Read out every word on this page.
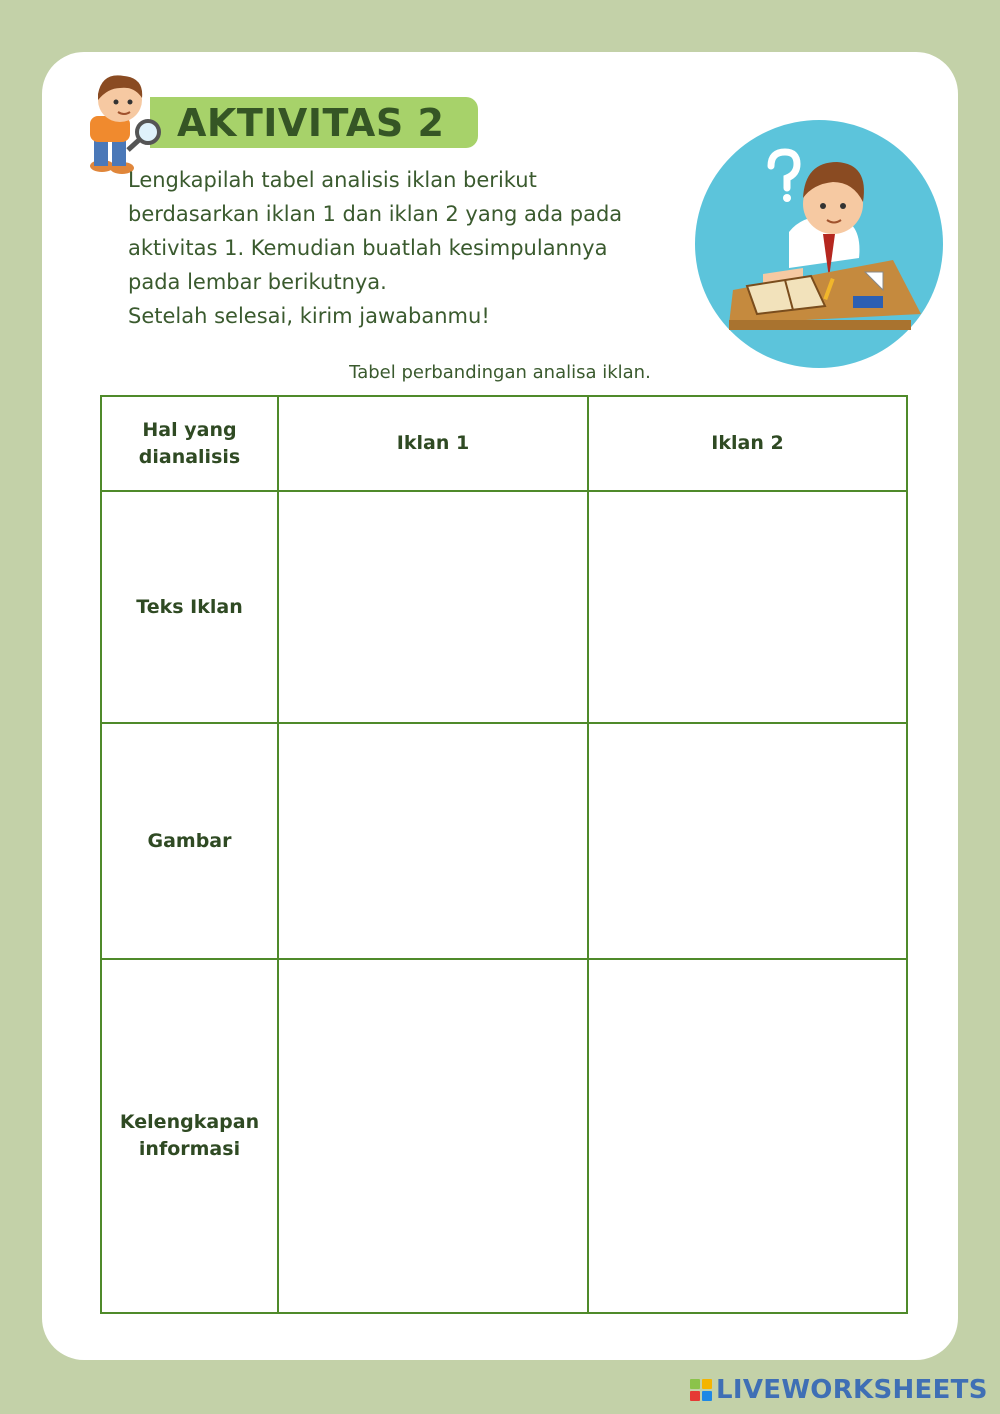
AKTIVITAS 2

Lengkapilah tabel analisis iklan berikut

berdasarkan iklan 1 dan iklan 2 yang ada pada

aktivitas 1. Kemudian buatlah kesimpulannya

pada lembar berikutnya.

Setelah selesai, kirim jawabanmu!

Tabel perbandingan analisa iklan.
Hal yang dianalisis	Iklan 1	Iklan 2
Teks Iklan		
Gambar		
Kelengkapan informasi		
LIVEWORKSHEETS
